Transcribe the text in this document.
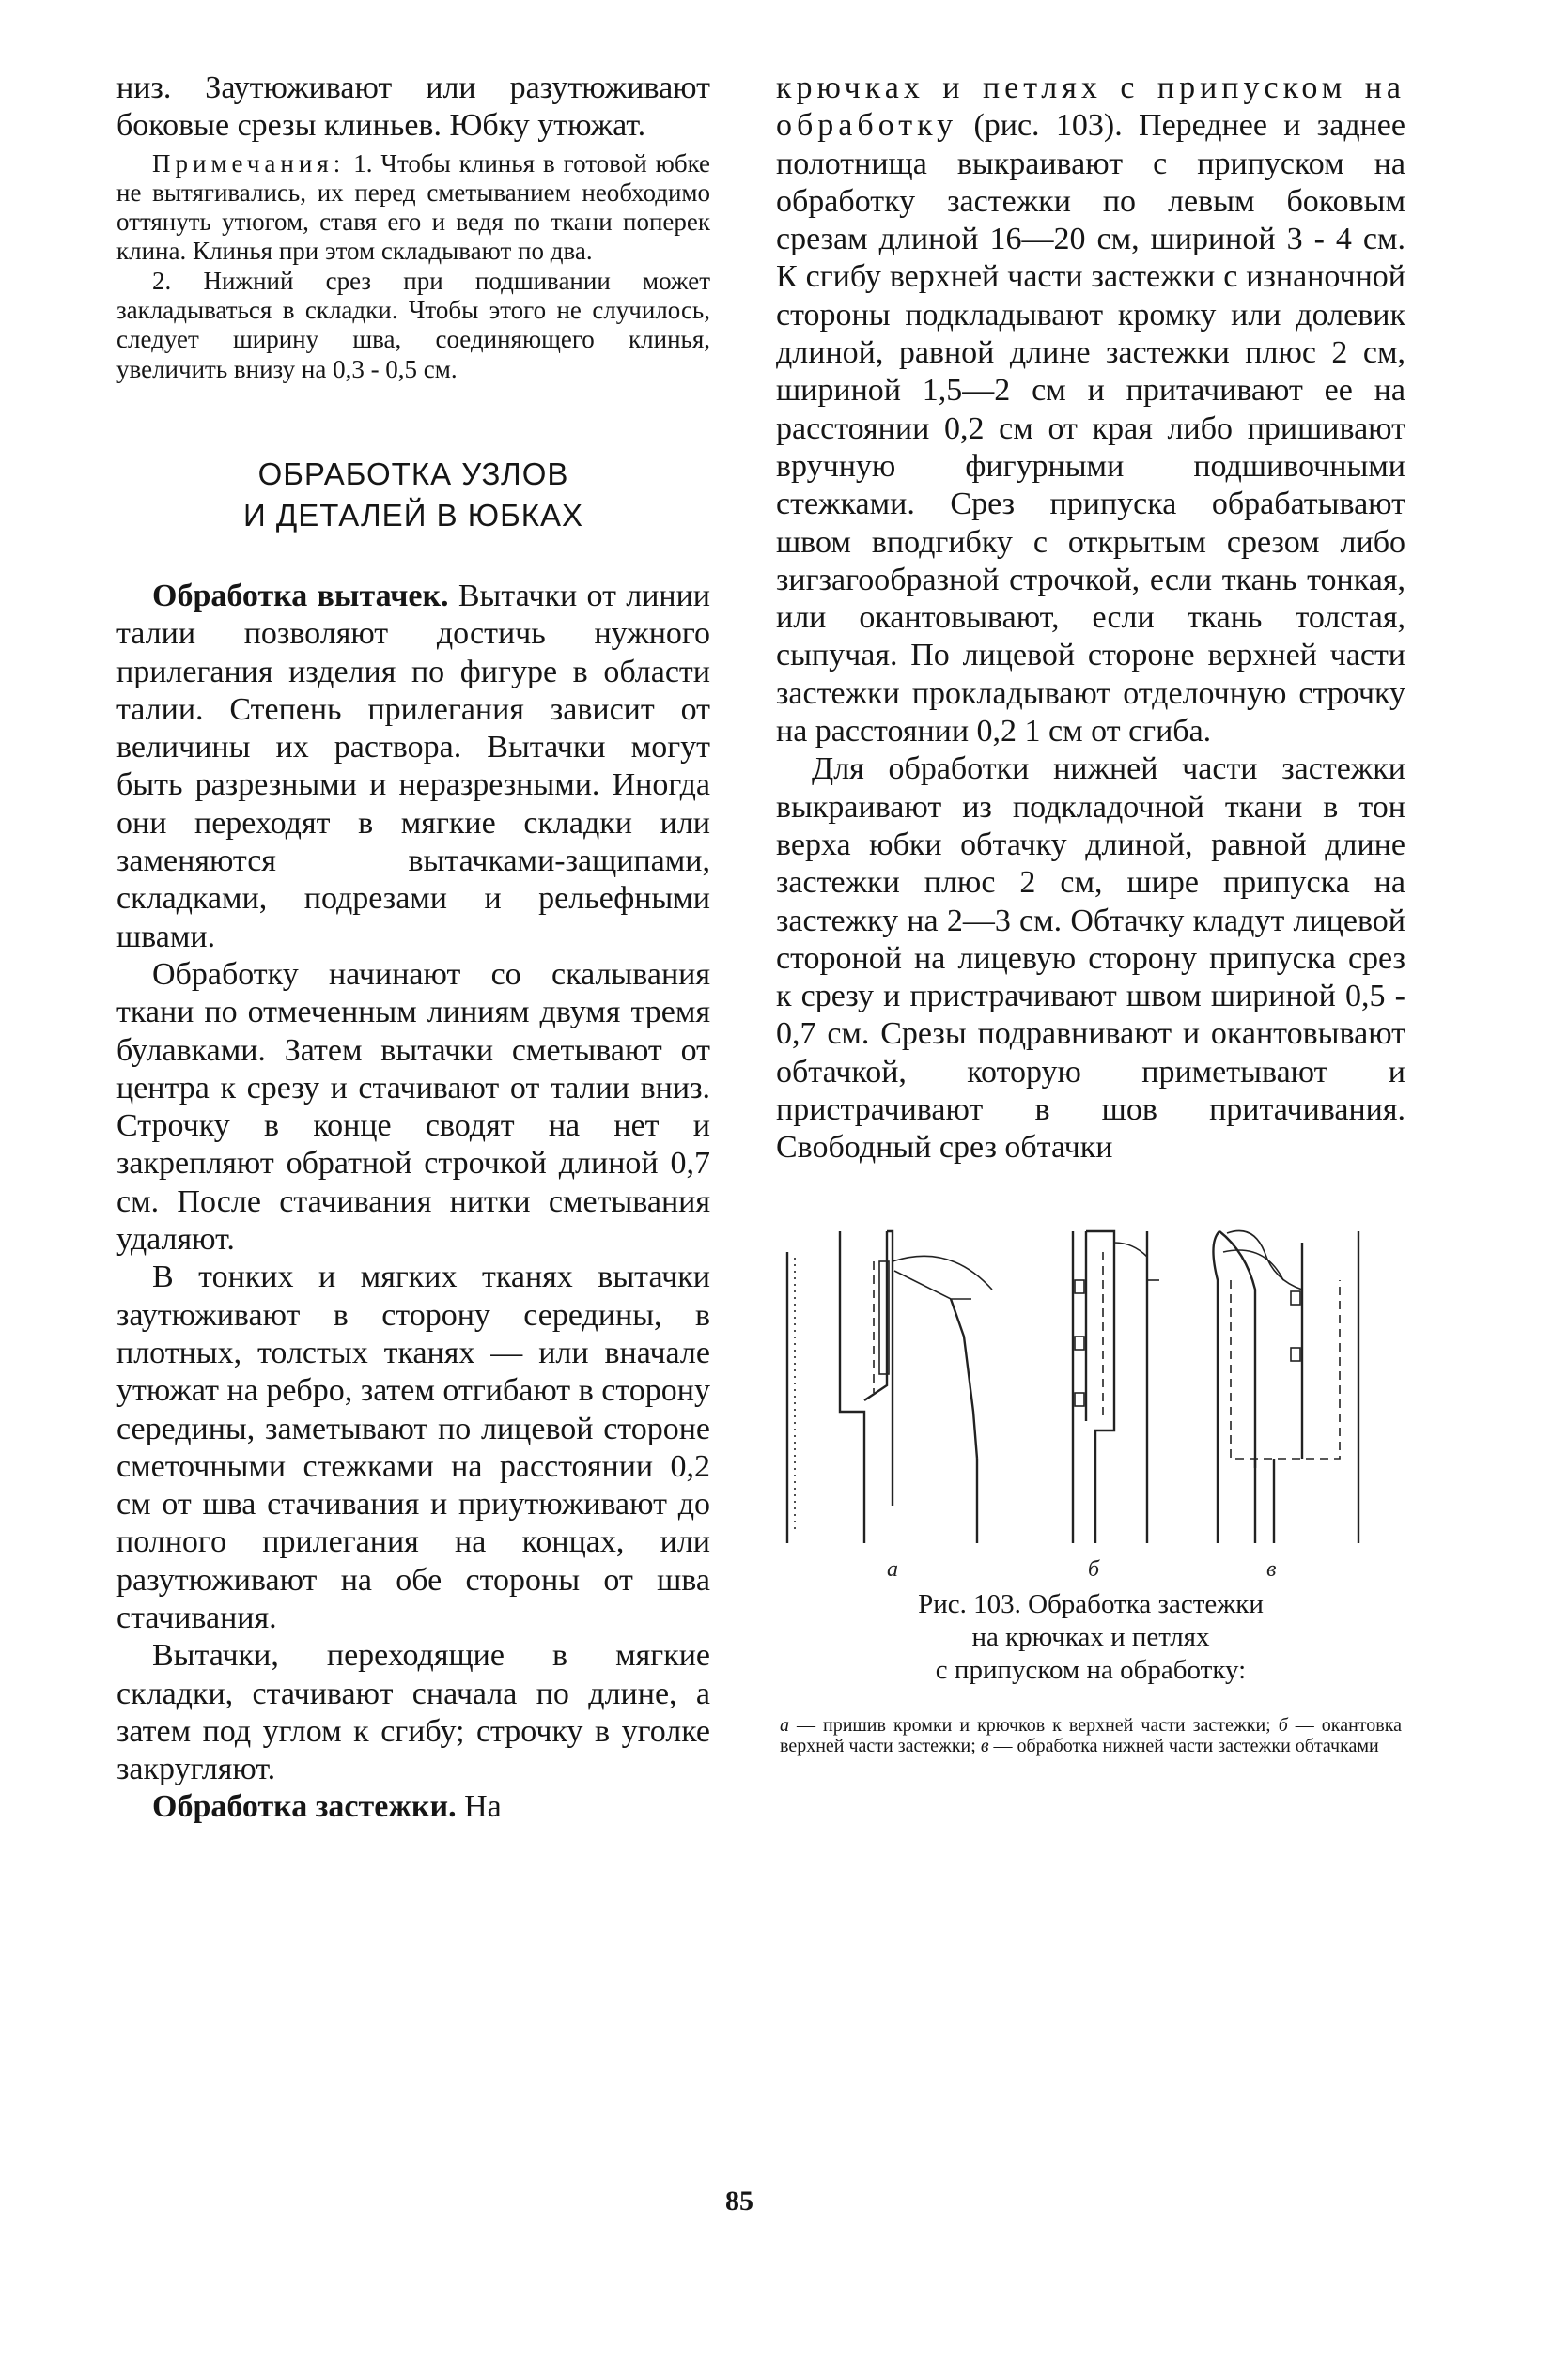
низ. Заутюживают или разутюживают боковые срезы клиньев. Юбку утюжат.

Примечания: 1. Чтобы клинья в готовой юбке не вытягивались, их перед сметыванием необходимо оттянуть утюгом, ставя его и ведя по ткани поперек клина. Клинья при этом складывают по два.

2. Нижний срез при подшивании может закладываться в складки. Чтобы этого не случилось, следует ширину шва, соединяющего клинья, увеличить внизу на 0,3 - 0,5 см.

ОБРАБОТКА УЗЛОВ
И ДЕТАЛЕЙ В ЮБКАХ

Обработка вытачек. Вытачки от линии талии позволяют достичь нужного прилегания изделия по фигуре в области талии. Степень прилегания зависит от величины их раствора. Вытачки могут быть разрезными и неразрезными. Иногда они переходят в мягкие складки или заменяются вытачками-защипами, складками, подрезами и рельефными швами.

Обработку начинают со скалывания ткани по отмеченным линиям двумя тремя булавками. Затем вытачки сметывают от центра к срезу и стачивают от талии вниз. Строчку в конце сводят на нет и закрепляют обратной строчкой длиной 0,7 см. После стачивания нитки сметывания удаляют.

В тонких и мягких тканях вытачки заутюживают в сторону середины, в плотных, толстых тканях — или вначале утюжат на ребро, затем отгибают в сторону середины, заметывают по лицевой стороне сметочными стежками на расстоянии 0,2 см от шва стачивания и приутюживают до полного прилегания на концах, или разутюживают на обе стороны от шва стачивания.

Вытачки, переходящие в мягкие складки, стачивают сначала по длине, а затем под углом к сгибу; строчку в уголке закругляют.

Обработка застежки. На

крючках и петлях с припуском на обработку (рис. 103). Переднее и заднее полотнища выкраивают с припуском на обработку застежки по левым боковым срезам длиной 16—20 см, шириной 3 - 4 см. К сгибу верхней части застежки с изнаночной стороны подкладывают кромку или долевик длиной, равной длине застежки плюс 2 см, шириной 1,5—2 см и притачивают ее на расстоянии 0,2 см от края либо пришивают вручную фигурными подшивочными стежками. Срез припуска обрабатывают швом вподгибку с открытым срезом либо зигзагообразной строчкой, если ткань тонкая, или окантовывают, если ткань толстая, сыпучая. По лицевой стороне верхней части застежки прокладывают отделочную строчку на расстоянии 0,2 1 см от сгиба.

Для обработки нижней части застежки выкраивают из подкладочной ткани в тон верха юбки обтачку длиной, равной длине застежки плюс 2 см, шире припуска на застежку на 2—3 см. Обтачку кладут лицевой стороной на лицевую сторону припуска срез к срезу и пристрачивают швом шириной 0,5 - 0,7 см. Срезы подравнивают и окантовывают обтачкой, которую приметывают и пристрачивают в шов притачивания. Свободный срез обтачки

а	б	в
Рис. 103. Обработка застежки
на крючках и петлях
с припуском на обработку:
а — пришив кромки и крючков к верхней части застежки; б — окантовка верхней части застежки; в — обработка нижней части застежки обтачками
85
